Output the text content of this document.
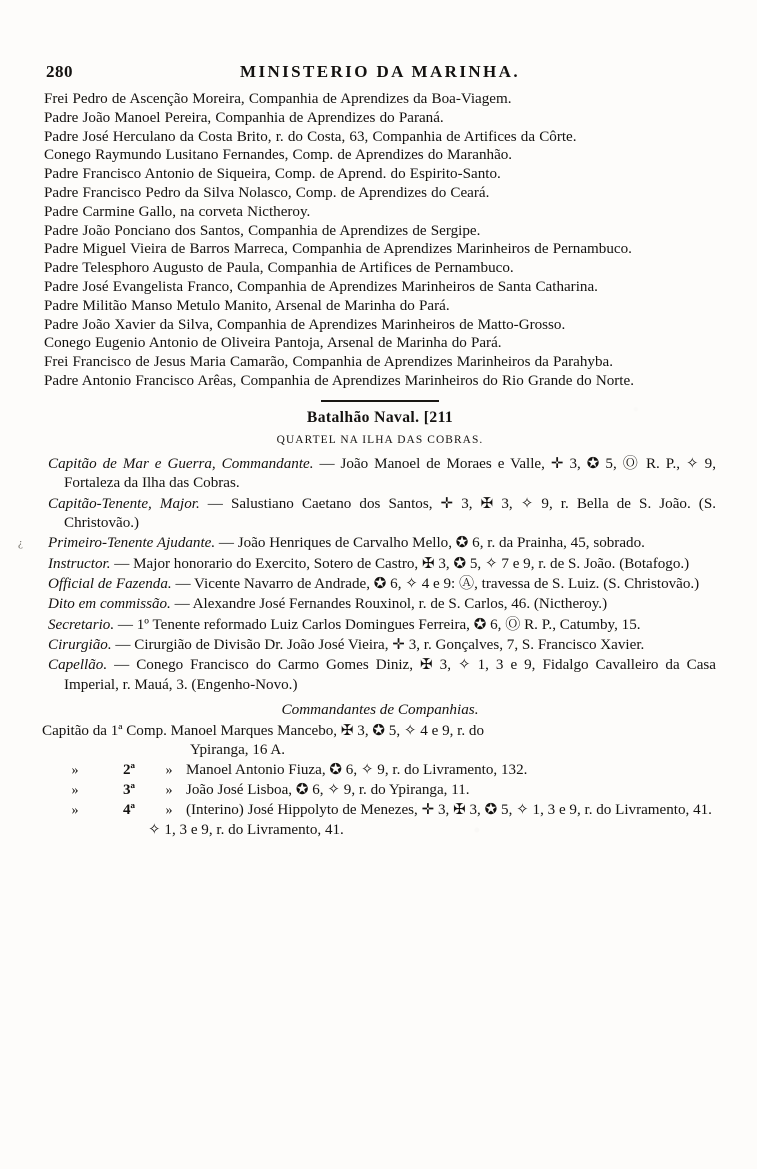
¿
280	MINISTERIO DA MARINHA.
Frei Pedro de Ascenção Moreira, Companhia de Aprendizes da Boa-Viagem.
Padre João Manoel Pereira, Companhia de Aprendizes do Paraná.
Padre José Herculano da Costa Brito, r. do Costa, 63, Companhia de Artifices da Côrte.
Conego Raymundo Lusitano Fernandes, Comp. de Aprendizes do Maranhão.
Padre Francisco Antonio de Siqueira, Comp. de Aprend. do Espirito-Santo.
Padre Francisco Pedro da Silva Nolasco, Comp. de Aprendizes do Ceará.
Padre Carmine Gallo, na corveta Nictheroy.
Padre João Ponciano dos Santos, Companhia de Aprendizes de Sergipe.
Padre Miguel Vieira de Barros Marreca, Companhia de Aprendizes Marinheiros de Pernambuco.
Padre Telesphoro Augusto de Paula, Companhia de Artifices de Pernambuco.
Padre José Evangelista Franco, Companhia de Aprendizes Marinheiros de Santa Catharina.
Padre Militão Manso Metulo Manito, Arsenal de Marinha do Pará.
Padre João Xavier da Silva, Companhia de Aprendizes Marinheiros de Matto-Grosso.
Conego Eugenio Antonio de Oliveira Pantoja, Arsenal de Marinha do Pará.
Frei Francisco de Jesus Maria Camarão, Companhia de Aprendizes Marinheiros da Parahyba.
Padre Antonio Francisco Arêas, Companhia de Aprendizes Marinheiros do Rio Grande do Norte.
Batalhão Naval. [211
QUARTEL NA ILHA DAS COBRAS.
Capitão de Mar e Guerra, Commandante. — João Manoel de Moraes e Valle, ✛ 3, ✪ 5, Ⓞ R. P., ✧ 9, Fortaleza da Ilha das Cobras.
Capitão-Tenente, Major. — Salustiano Caetano dos Santos, ✛ 3, ✠ 3, ✧ 9, r. Bella de S. João. (S. Christovão.)
Primeiro-Tenente Ajudante. — João Henriques de Carvalho Mello, ✪ 6, r. da Prainha, 45, sobrado.
Instructor. — Major honorario do Exercito, Sotero de Castro, ✠ 3, ✪ 5, ✧ 7 e 9, r. de S. João. (Botafogo.)
Official de Fazenda. — Vicente Navarro de Andrade, ✪ 6, ✧ 4 e 9: Ⓐ, travessa de S. Luiz. (S. Christovão.)
Dito em commissão. — Alexandre José Fernandes Rouxinol, r. de S. Carlos, 46. (Nictheroy.)
Secretario. — 1º Tenente reformado Luiz Carlos Domingues Ferreira, ✪ 6, Ⓞ R. P., Catumby, 15.
Cirurgião. — Cirurgião de Divisão Dr. João José Vieira, ✛ 3, r. Gonçalves, 7, S. Francisco Xavier.
Capellão. — Conego Francisco do Carmo Gomes Diniz, ✠ 3, ✧ 1, 3 e 9, Fidalgo Cavalleiro da Casa Imperial, r. Mauá, 3. (Engenho-Novo.)
Commandantes de Companhias.
Capitão da 1ª Comp. Manoel Marques Mancebo, ✠ 3, ✪ 5, ✧ 4 e 9, r. do
Ypiranga, 16 A.
»	2ª	» Manoel Antonio Fiuza, ✪ 6, ✧ 9, r. do Livramento, 132.
»	3ª	» João José Lisboa, ✪ 6, ✧ 9, r. do Ypiranga, 11.
»	4ª	» (Interino) José Hippolyto de Menezes, ✛ 3, ✠ 3, ✪ 5, ✧ 1, 3 e 9, r. do Livramento, 41.
✧ 1, 3 e 9, r. do Livramento, 41.
